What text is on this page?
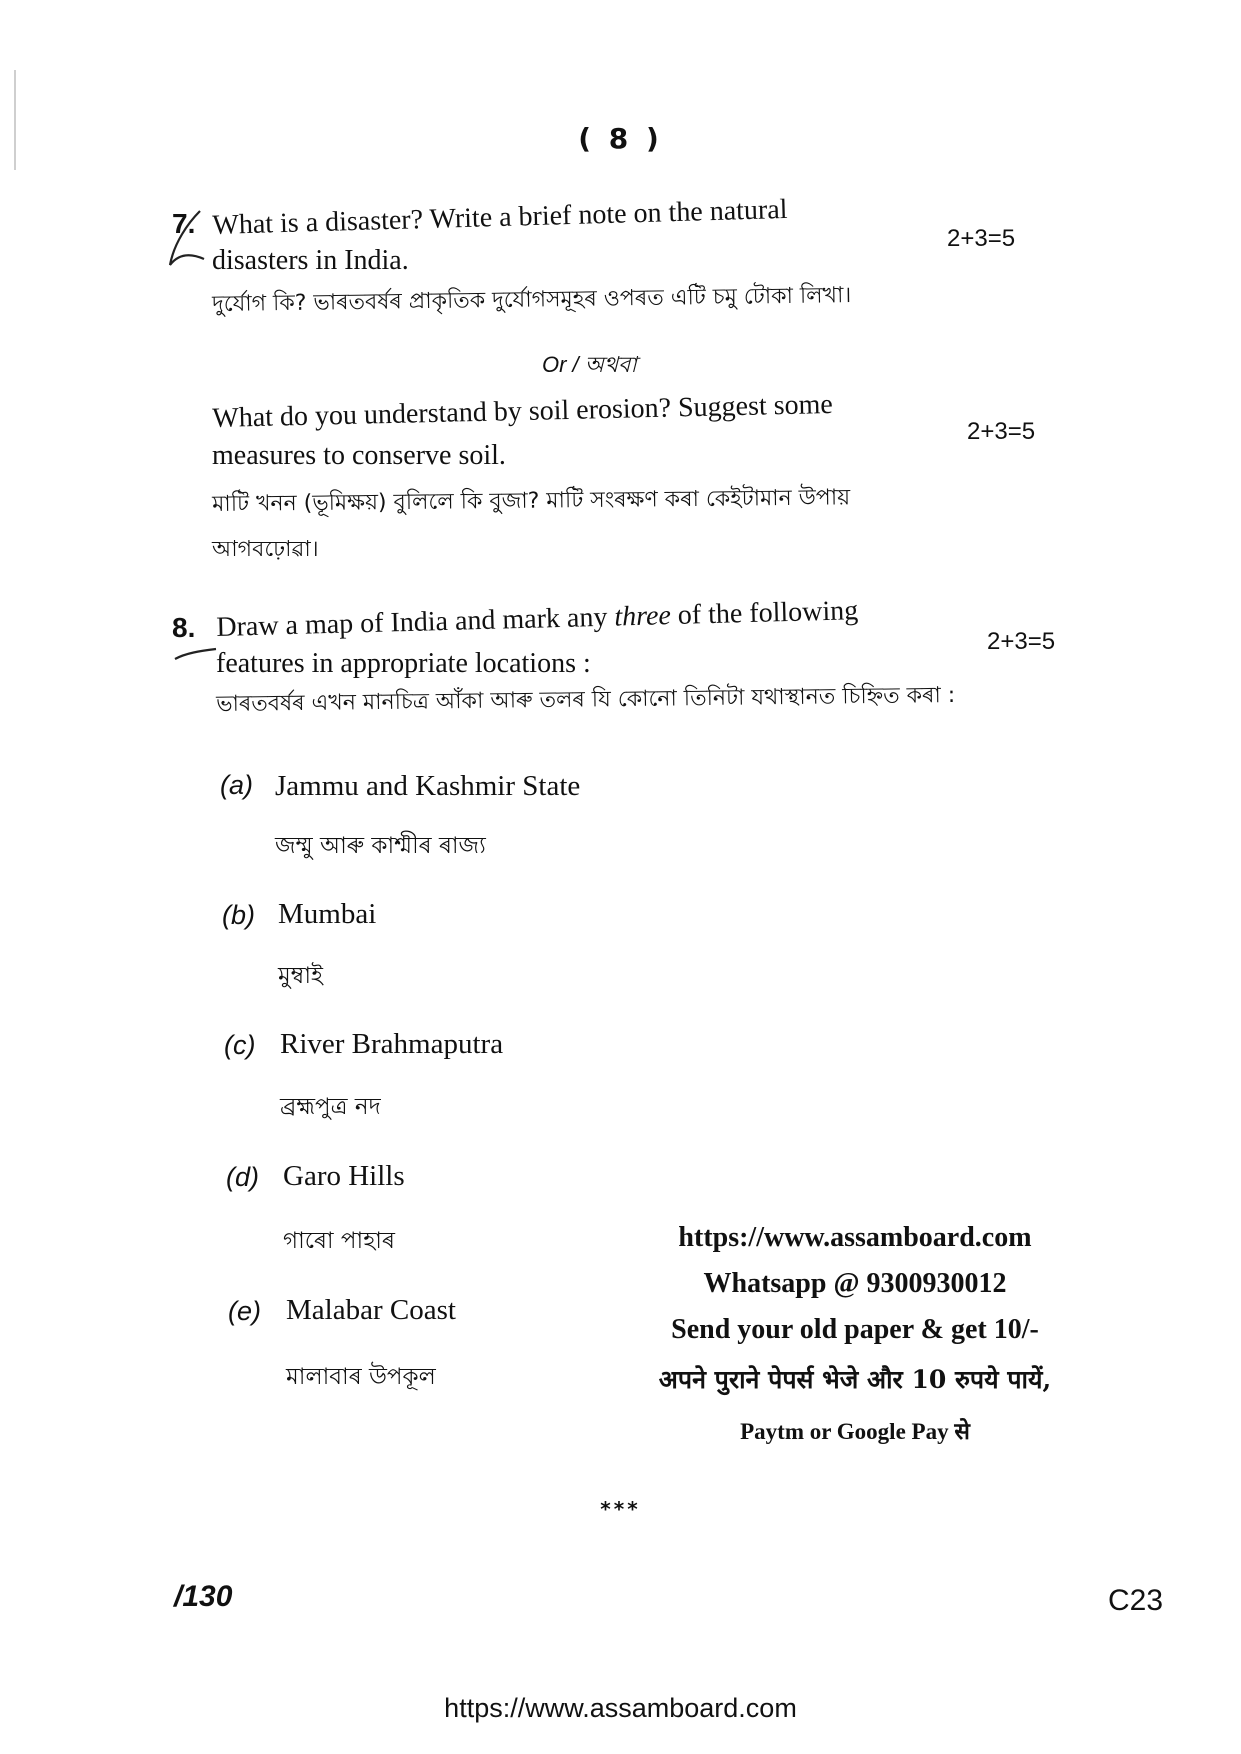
( 8 )
7. What is a disaster? Write a brief note on the natural
disasters in India.
2+3=5
দুৰ্যোগ কি? ভাৰতবৰ্ষৰ প্ৰাকৃতিক দুৰ্যোগসমূহৰ ওপৰত এটি চমু টোকা লিখা।
Or / অথবা
What do you understand by soil erosion? Suggest some
measures to conserve soil.
2+3=5
মাটি খনন (ভূমিক্ষয়) বুলিলে কি বুজা? মাটি সংৰক্ষণ কৰা কেইটামান উপায়
আগবঢ়োৱা।
8. Draw a map of India and mark any three of the following
features in appropriate locations :
2+3=5
ভাৰতবৰ্ষৰ এখন মানচিত্ৰ আঁকা আৰু তলৰ যি কোনো তিনিটা যথাস্থানত চিহ্নিত কৰা :
(a) Jammu and Kashmir State
জম্মু আৰু কাশ্মীৰ ৰাজ্য
(b) Mumbai
মুম্বাই
(c) River Brahmaputra
ব্ৰহ্মপুত্ৰ নদ
(d) Garo Hills
গাৰো পাহাৰ
(e) Malabar Coast
মালাবাৰ উপকূল
https://www.assamboard.com
Whatsapp @ 9300930012
Send your old paper & get 10/-
अपने पुराने पेपर्स भेजे और 10 रुपये पायें,
Paytm or Google Pay से
***
/130	C23
https://www.assamboard.com
